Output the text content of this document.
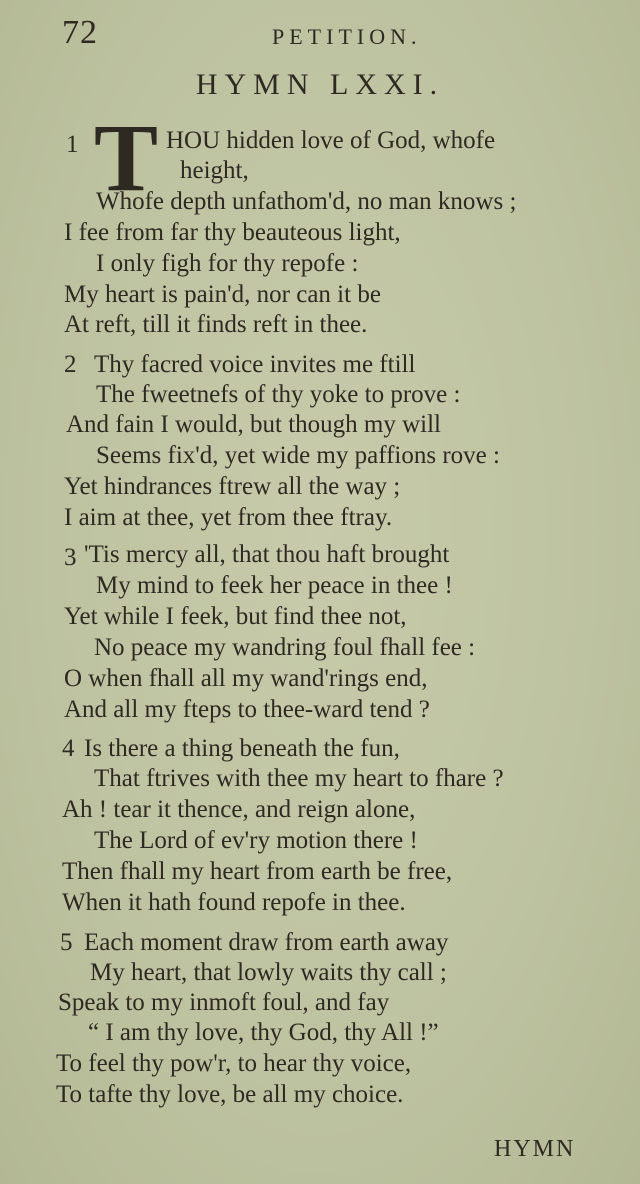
72	PETITION.
HYMN LXXI.
1 T HOU hidden love of God, whofe
height,
Whofe depth unfathom'd, no man knows ;
I fee from far thy beauteous light,
I only figh for thy repofe :
My heart is pain'd, nor can it be
At reft, till it finds reft in thee.
2 Thy facred voice invites me ftill
The fweetnefs of thy yoke to prove :
And fain I would, but though my will
Seems fix'd, yet wide my paffions rove :
Yet hindrances ftrew all the way ;
I aim at thee, yet from thee ftray.
3 'Tis mercy all, that thou haft brought
My mind to feek her peace in thee !
Yet while I feek, but find thee not,
No peace my wandring foul fhall fee :
O when fhall all my wand'rings end,
And all my fteps to thee-ward tend ?
4 Is there a thing beneath the fun,
That ftrives with thee my heart to fhare ?
Ah ! tear it thence, and reign alone,
The Lord of ev'ry motion there !
Then fhall my heart from earth be free,
When it hath found repofe in thee.
5 Each moment draw from earth away
My heart, that lowly waits thy call ;
Speak to my inmoft foul, and fay
“ I am thy love, thy God, thy All !”
To feel thy pow'r, to hear thy voice,
To tafte thy love, be all my choice.
HYMN
